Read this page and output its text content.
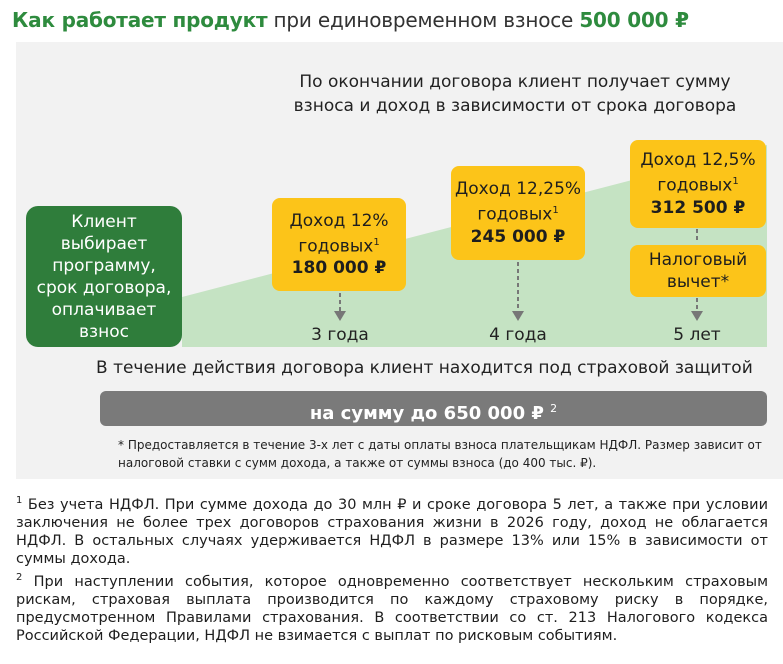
Как работает продукт при единовременном взносе 500 000 ₽
По окончании договора клиент получает сумму взноса и доход в зависимости от срока договора
Клиент выбирает программу, срок договора, оплачивает взнос
Доход 12%
годовых$^1$
180 000 ₽
Доход 12,25%
годовых$^1$
245 000 ₽
Доход 12,5%
годовых$^1$
312 500 ₽
Налоговый
вычет*
3 года	4 года	5 лет
В течение действия договора клиент находится под страховой защитой
на сумму до 650 000 ₽ $^2$
* Предоставляется в течение 3-х лет с даты оплаты взноса плательщикам НДФЛ. Размер зависит от налоговой ставки с сумм дохода, а также от суммы взноса (до 400 тыс. ₽).

$^1$ Без учета НДФЛ. При сумме дохода до 30 млн ₽ и сроке договора 5 лет, а также при условии заключения не более трех договоров страхования жизни в 2026 году, доход не облагается НДФЛ. В остальных случаях удерживается НДФЛ в размере 13% или 15% в зависимости от суммы дохода.

$^2$ При наступлении события, которое одновременно соответствует нескольким страховым рискам, страховая выплата производится по каждому страховому риску в порядке, предусмотренном Правилами страхования. В соответствии со ст. 213 Налогового кодекса Российской Федерации, НДФЛ не взимается с выплат по рисковым событиям.
